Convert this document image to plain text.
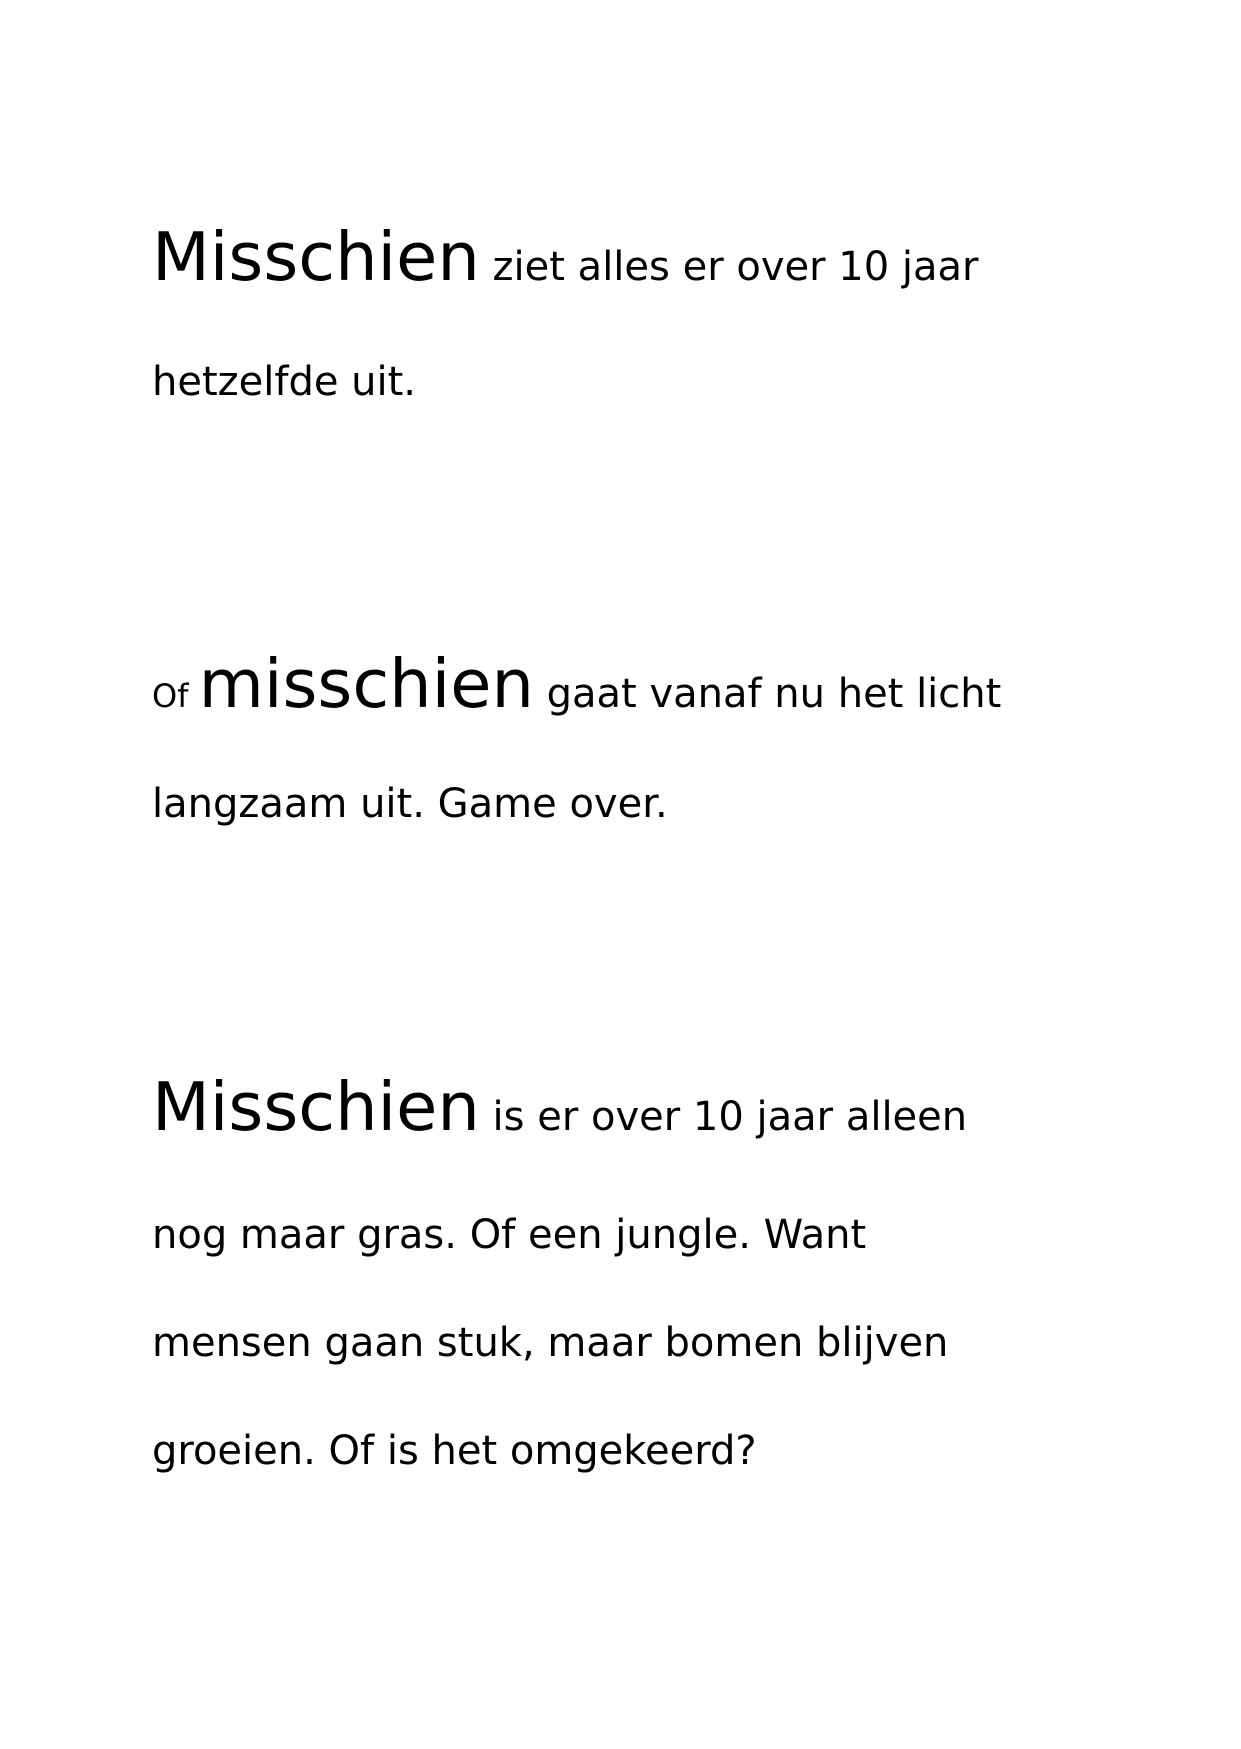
Misschien ziet alles er over 10 jaar

hetzelfde uit.

Of misschien gaat vanaf nu het licht

langzaam uit. Game over.

Misschien is er over 10 jaar alleen

nog maar gras. Of een jungle. Want

mensen gaan stuk, maar bomen blijven

groeien. Of is het omgekeerd?
